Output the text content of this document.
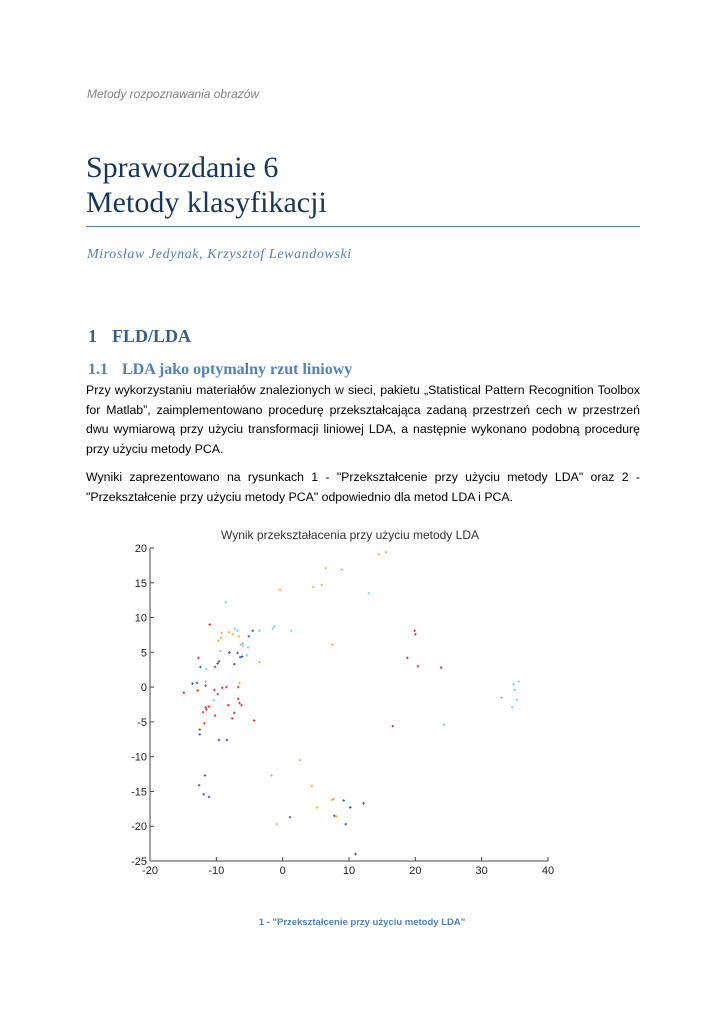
Metody rozpoznawania obrazów
Sprawozdanie 6
Metody klasyfikacji
Mirosław Jedynak, Krzysztof Lewandowski
1 FLD/LDA
1.1 LDA jako optymalny rzut liniowy

Przy wykorzystaniu materiałów znalezionych w sieci, pakietu „Statistical Pattern Recognition Toolbox for Matlab”, zaimplementowano procedurę przekształcająca zadaną przestrzeń cech w przestrzeń dwu wymiarową przy użyciu transformacji liniowej LDA, a następnie wykonano podobną procedurę przy użyciu metody PCA.

Wyniki zaprezentowano na rysunkach 1 - "Przekształcenie przy użyciu metody LDA" oraz 2 - "Przekształcenie przy użyciu metody PCA" odpowiednio dla metod LDA i PCA.

Wynik przekształacenia przy użyciu metody LDA
-20	-10	0	10	20	30	40
20
15
10
5
0
-5
-10
-15
-20
-25
1 - "Przekształcenie przy użyciu metody LDA"
